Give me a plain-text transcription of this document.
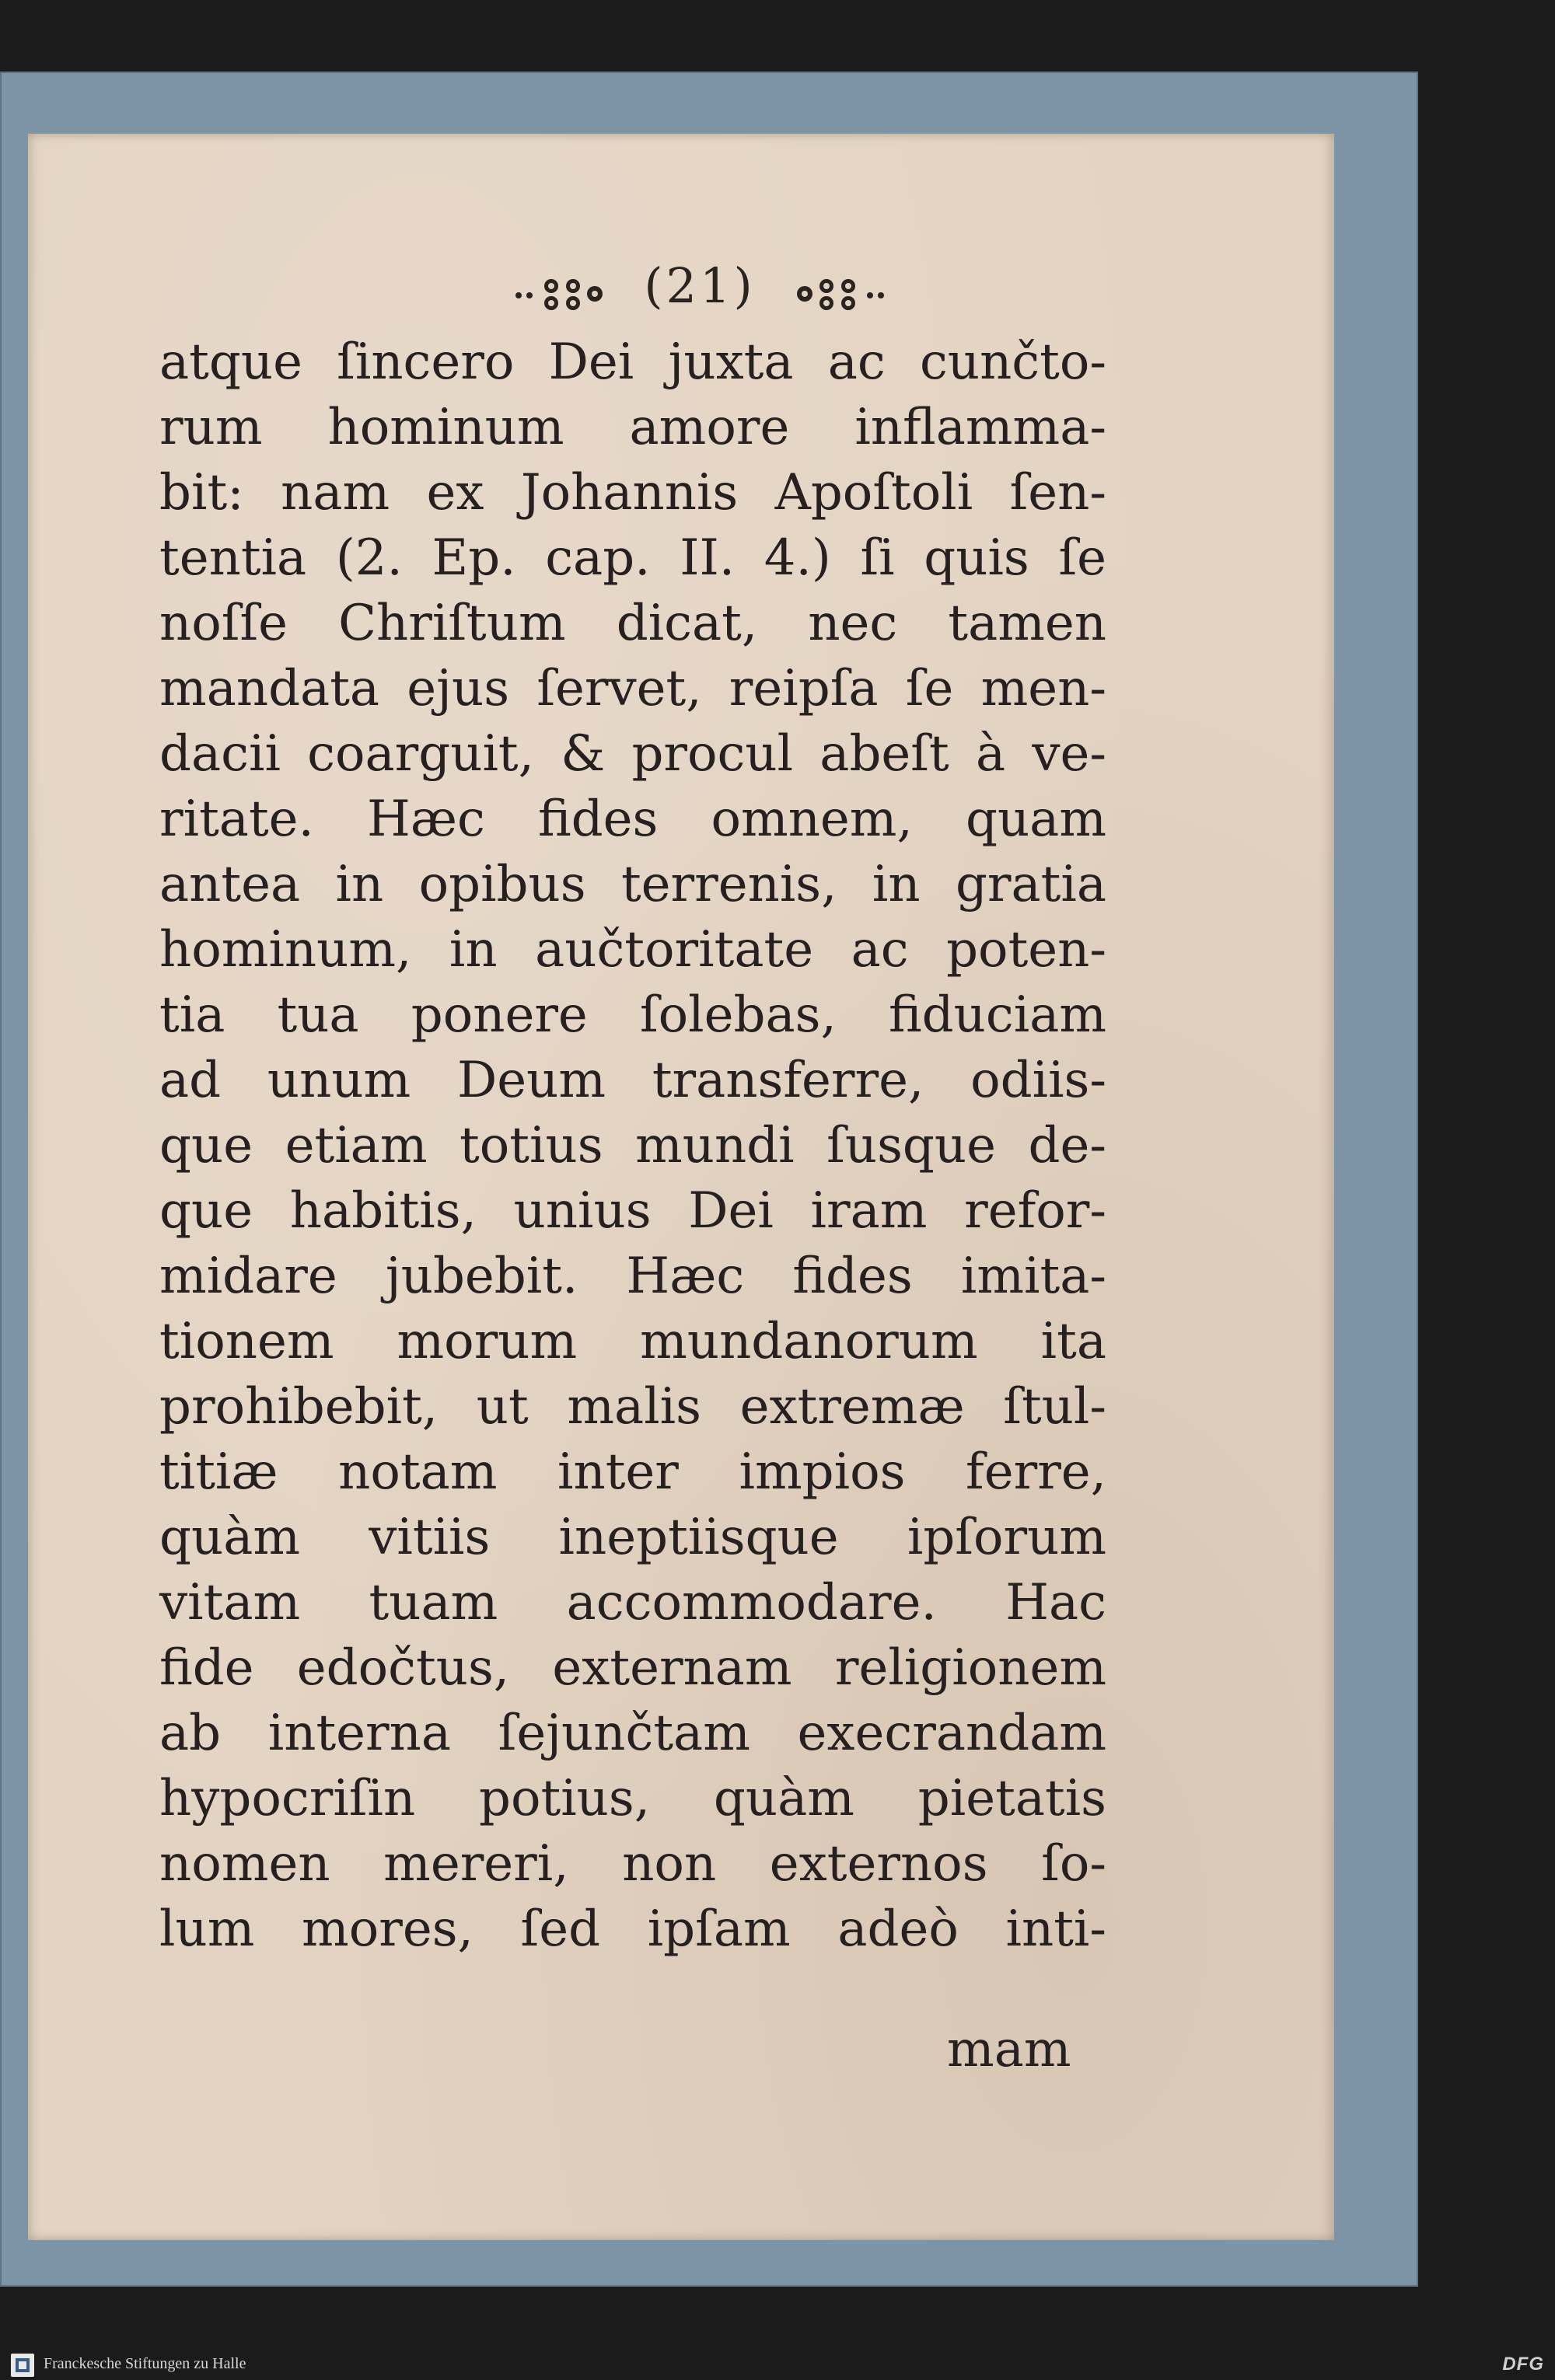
(21)
atque ſincero Dei juxta ac cunčto-
rum hominum amore inflamma-
bit: nam ex Johannis Apoſtoli ſen-
tentia (2. Ep. cap. II. 4.) ſi quis ſe
noſſe Chriſtum dicat, nec tamen
mandata ejus ſervet, reipſa ſe men-
dacii coarguit, & procul abeſt à ve-
ritate. Hæc fides omnem, quam
antea in opibus terrenis, in gratia
hominum, in aučtoritate ac poten-
tia tua ponere ſolebas, fiduciam
ad unum Deum transferre, odiis-
que etiam totius mundi ſusque de-
que habitis, unius Dei iram refor-
midare jubebit. Hæc fides imita-
tionem morum mundanorum ita
prohibebit, ut malis extremæ ſtul-
titiæ notam inter impios ferre,
quàm vitiis ineptiisque ipſorum
vitam tuam accommodare. Hac
fide edočtus, externam religionem
ab interna ſejunčtam execrandam
hypocriſin potius, quàm pietatis
nomen mereri, non externos ſo-
lum mores, ſed ipſam adeò inti-
mam
Franckesche Stiftungen zu Halle	DFG
